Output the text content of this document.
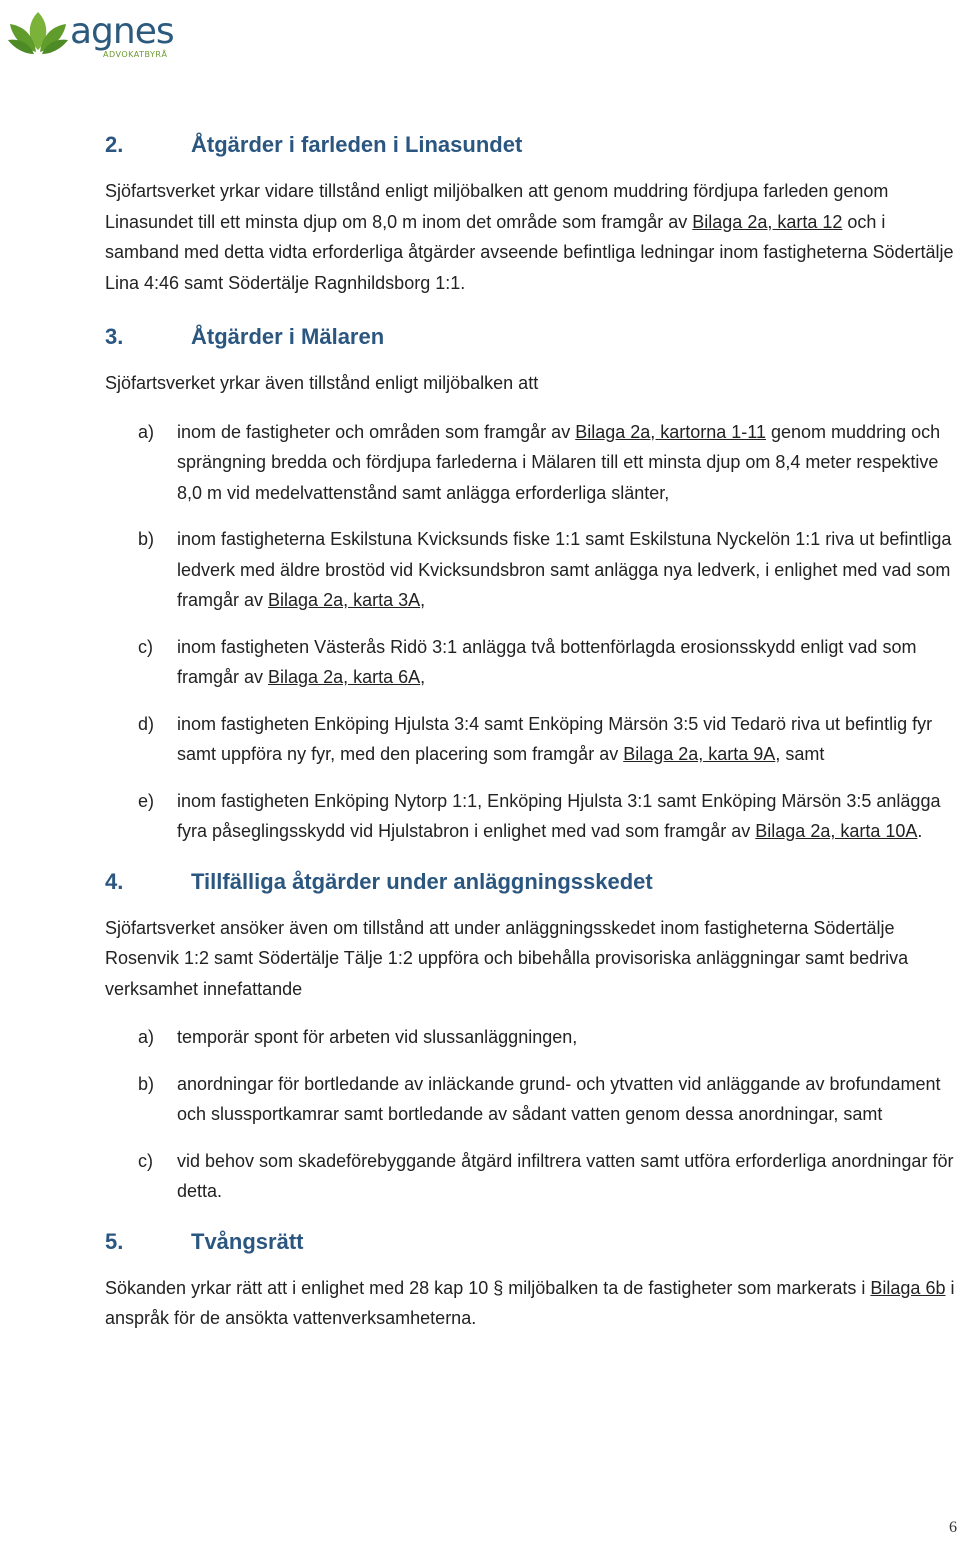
agnes
ADVOKATBYRÅ
2.	Åtgärder i farleden i Linasundet

Sjöfartsverket yrkar vidare tillstånd enligt miljöbalken att genom muddring fördjupa farleden genom Linasundet till ett minsta djup om 8,0 m inom det område som framgår av Bilaga 2a, karta 12 och i samband med detta vidta erforderliga åtgärder avseende befintliga ledningar inom fastigheterna Södertälje Lina 4:46 samt Södertälje Ragnhildsborg 1:1.

3.	Åtgärder i Mälaren

Sjöfartsverket yrkar även tillstånd enligt miljöbalken att

a)	inom de fastigheter och områden som framgår av Bilaga 2a, kartorna 1-11 genom muddring och sprängning bredda och fördjupa farlederna i Mälaren till ett minsta djup om 8,4 meter respektive 8,0 m vid medelvattenstånd samt anlägga erforderliga slänter,
b)	inom fastigheterna Eskilstuna Kvicksunds fiske 1:1 samt Eskilstuna Nyckelön 1:1 riva ut befintliga ledverk med äldre brostöd vid Kvicksundsbron samt anlägga nya ledverk, i enlighet med vad som framgår av Bilaga 2a, karta 3A,
c)	inom fastigheten Västerås Ridö 3:1 anlägga två bottenförlagda erosionsskydd enligt vad som framgår av Bilaga 2a, karta 6A,
d)	inom fastigheten Enköping Hjulsta 3:4 samt Enköping Märsön 3:5 vid Tedarö riva ut befintlig fyr samt uppföra ny fyr, med den placering som framgår av Bilaga 2a, karta 9A, samt
e)	inom fastigheten Enköping Nytorp 1:1, Enköping Hjulsta 3:1 samt Enköping Märsön 3:5 anlägga fyra påseglingsskydd vid Hjulstabron i enlighet med vad som framgår av Bilaga 2a, karta 10A.
4.	Tillfälliga åtgärder under anläggningsskedet

Sjöfartsverket ansöker även om tillstånd att under anläggningsskedet inom fastigheterna Södertälje Rosenvik 1:2 samt Södertälje Tälje 1:2 uppföra och bibehålla provisoriska anläggningar samt bedriva verksamhet innefattande

a)	temporär spont för arbeten vid slussanläggningen,
b)	anordningar för bortledande av inläckande grund- och ytvatten vid anläggande av brofundament och slussportkamrar samt bortledande av sådant vatten genom dessa anordningar, samt
c)	vid behov som skadeförebyggande åtgärd infiltrera vatten samt utföra erforderliga anordningar för detta.
5.	Tvångsrätt

Sökanden yrkar rätt att i enlighet med 28 kap 10 § miljöbalken ta de fastigheter som markerats i Bilaga 6b i anspråk för de ansökta vattenverksamheterna.

6
